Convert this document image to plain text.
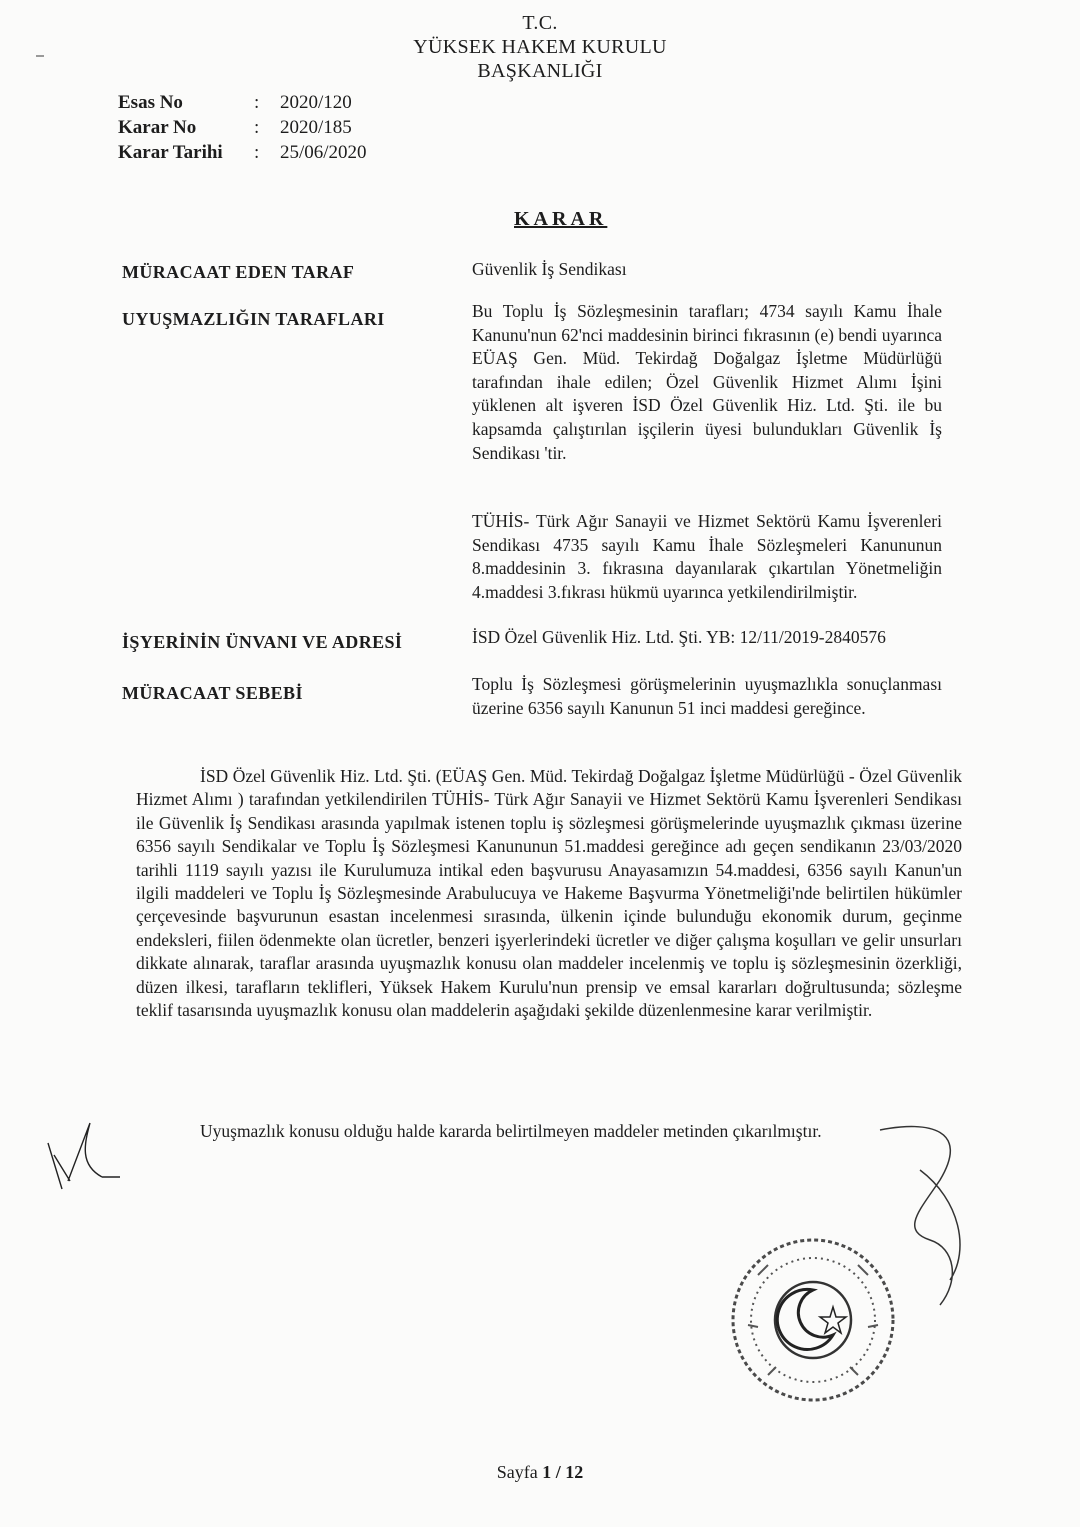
T.C.
YÜKSEK HAKEM KURULU
BAŞKANLIĞI
Esas No	:	2020/120
Karar No	:	2020/185
Karar Tarihi	:	25/06/2020
KARAR
MÜRACAAT EDEN TARAF	Güvenlik İş Sendikası
UYUŞMAZLIĞIN TARAFLARI	Bu Toplu İş Sözleşmesinin tarafları; 4734 sayılı Kamu İhale Kanunu'nun 62'nci maddesinin birinci fıkrasının (e) bendi uyarınca EÜAŞ Gen. Müd. Tekirdağ Doğalgaz İşletme Müdürlüğü tarafından ihale edilen; Özel Güvenlik Hizmet Alımı İşini yüklenen alt işveren İSD Özel Güvenlik Hiz. Ltd. Şti. ile bu kapsamda çalıştırılan işçilerin üyesi bulundukları Güvenlik İş Sendikası 'tir.
TÜHİS- Türk Ağır Sanayii ve Hizmet Sektörü Kamu İşverenleri Sendikası 4735 sayılı Kamu İhale Sözleşmeleri Kanununun 8.maddesinin 3. fıkrasına dayanılarak çıkartılan Yönetmeliğin 4.maddesi 3.fıkrası hükmü uyarınca yetkilendirilmiştir.
İŞYERİNİN ÜNVANI VE ADRESİ	İSD Özel Güvenlik Hiz. Ltd. Şti. YB: 12/11/2019-2840576
MÜRACAAT SEBEBİ	Toplu İş Sözleşmesi görüşmelerinin uyuşmazlıkla sonuçlanması üzerine 6356 sayılı Kanunun 51 inci maddesi gereğince.
İSD Özel Güvenlik Hiz. Ltd. Şti. (EÜAŞ Gen. Müd. Tekirdağ Doğalgaz İşletme Müdürlüğü - Özel Güvenlik Hizmet Alımı ) tarafından yetkilendirilen TÜHİS- Türk Ağır Sanayii ve Hizmet Sektörü Kamu İşverenleri Sendikası ile Güvenlik İş Sendikası arasında yapılmak istenen toplu iş sözleşmesi görüşmelerinde uyuşmazlık çıkması üzerine 6356 sayılı Sendikalar ve Toplu İş Sözleşmesi Kanununun 51.maddesi gereğince adı geçen sendikanın 23/03/2020 tarihli 1119 sayılı yazısı ile Kurulumuza intikal eden başvurusu Anayasamızın 54.maddesi, 6356 sayılı Kanun'un ilgili maddeleri ve Toplu İş Sözleşmesinde Arabulucuya ve Hakeme Başvurma Yönetmeliği'nde belirtilen hükümler çerçevesinde başvurunun esastan incelenmesi sırasında, ülkenin içinde bulunduğu ekonomik durum, geçinme endeksleri, fiilen ödenmekte olan ücretler, benzeri işyerlerindeki ücretler ve diğer çalışma koşulları ve gelir unsurları dikkate alınarak, taraflar arasında uyuşmazlık konusu olan maddeler incelenmiş ve toplu iş sözleşmesinin özerkliği, düzen ilkesi, tarafların teklifleri, Yüksek Hakem Kurulu'nun prensip ve emsal kararları doğrultusunda; sözleşme teklif tasarısında uyuşmazlık konusu olan maddelerin aşağıdaki şekilde düzenlenmesine karar verilmiştir.
Uyuşmazlık konusu olduğu halde kararda belirtilmeyen maddeler metinden çıkarılmıştır.
Sayfa 1 / 12
